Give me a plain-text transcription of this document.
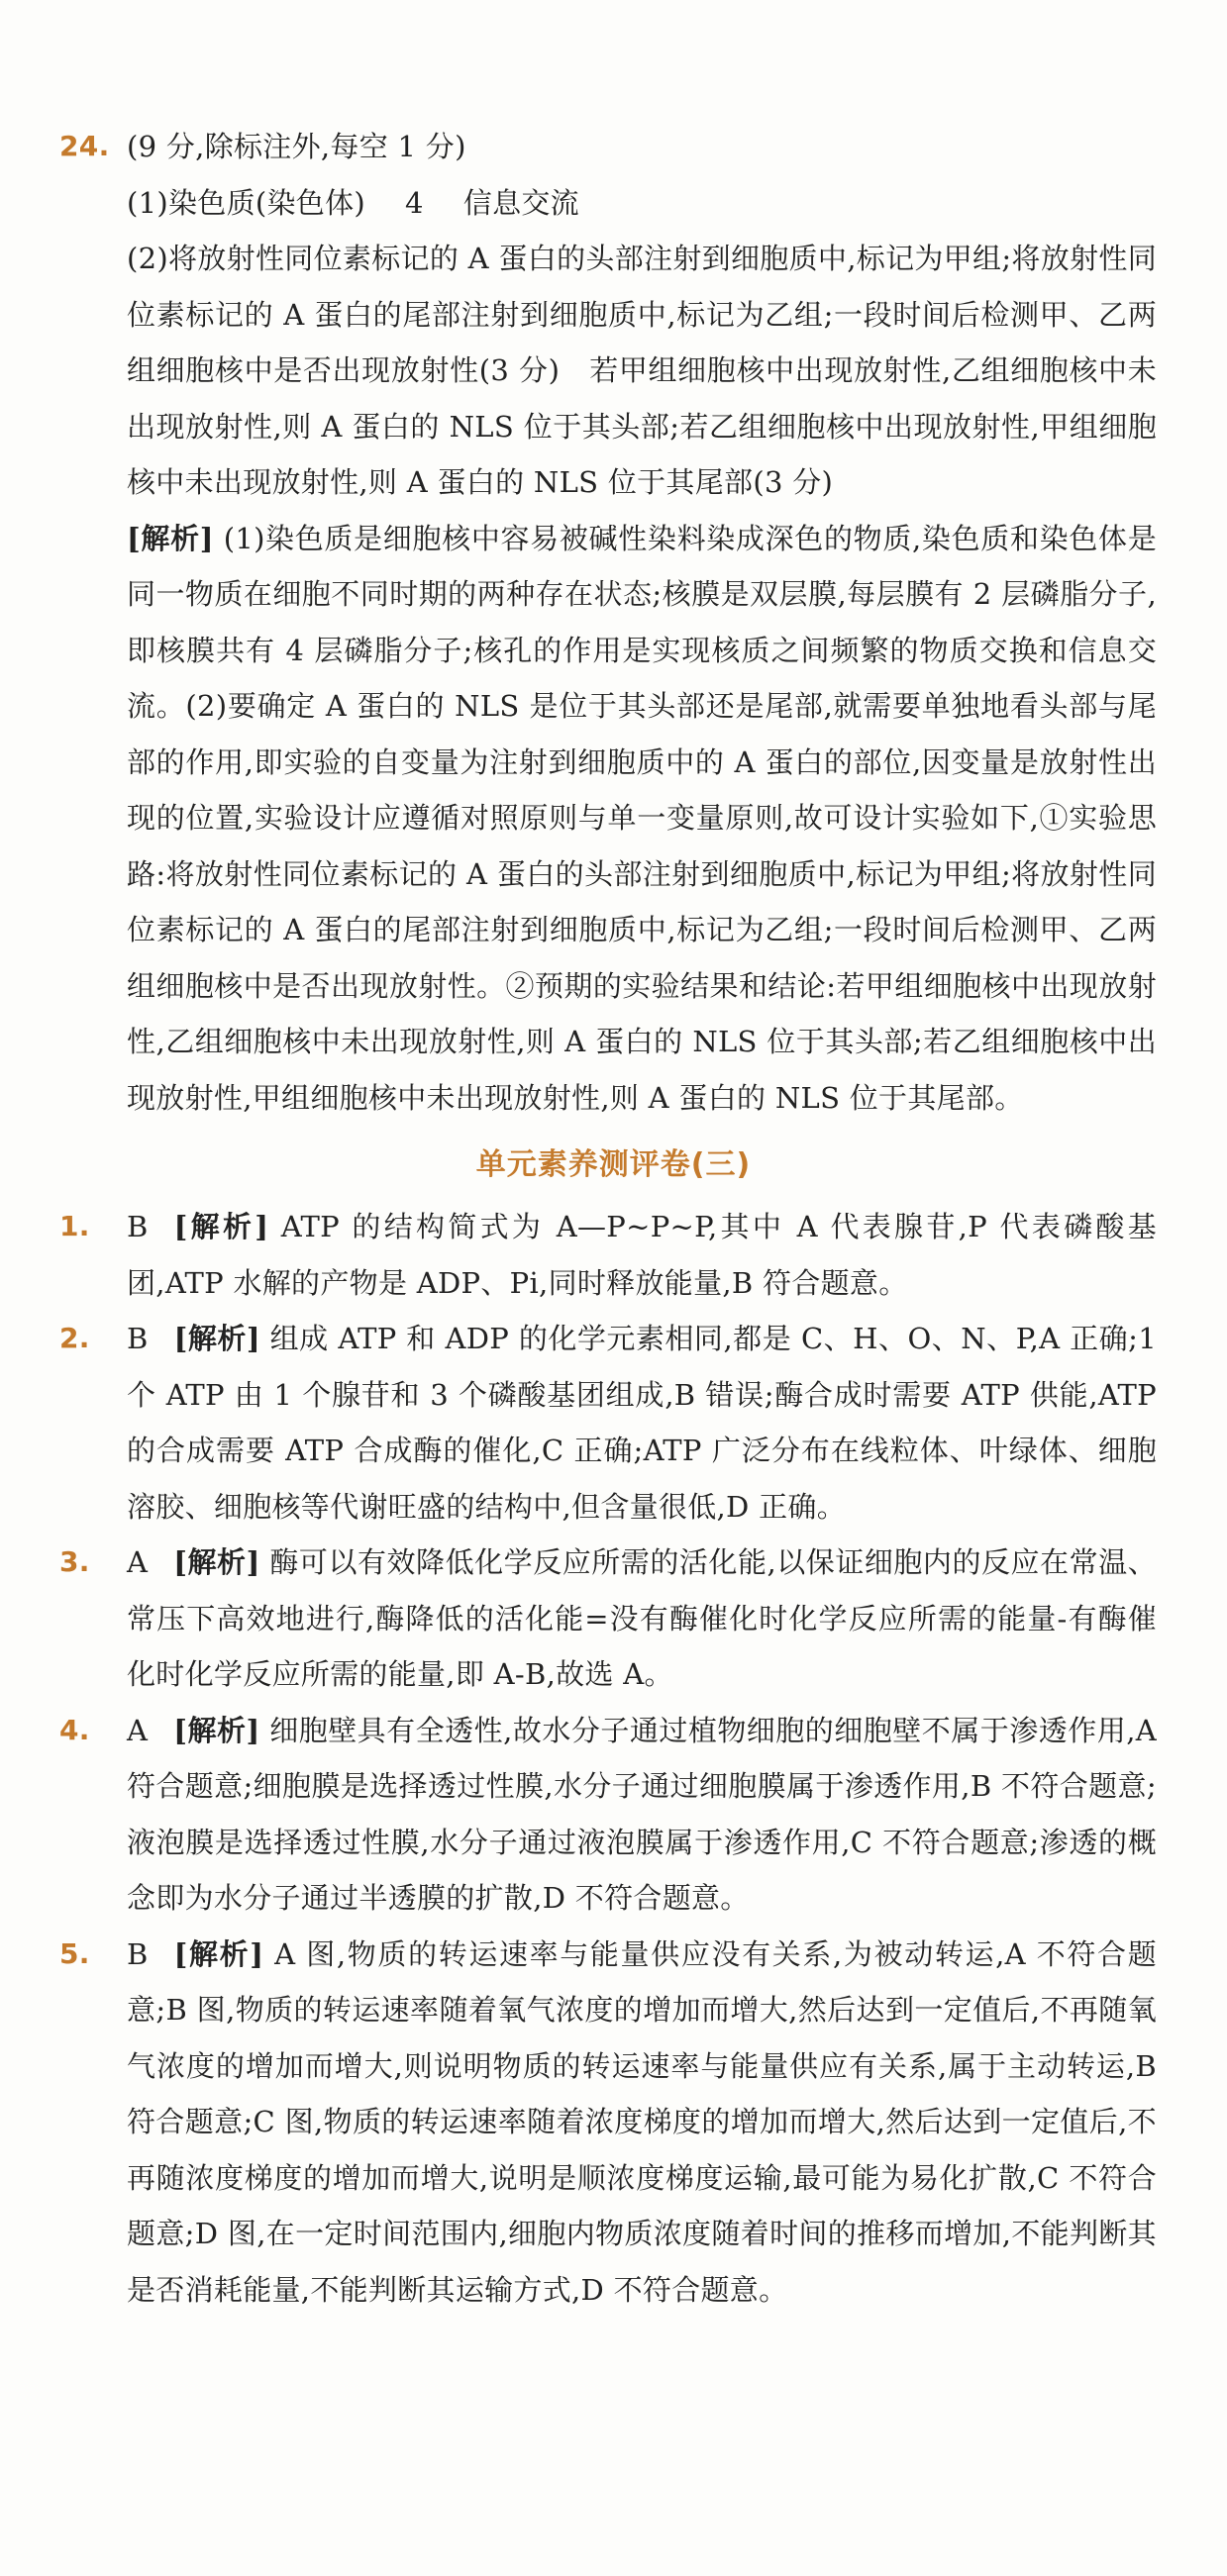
24. (9 分,除标注外,每空 1 分)
(1)染色质(染色体) 4 信息交流
(2)将放射性同位素标记的 A 蛋白的头部注射到细胞质中,标记为甲组;将放射性同位素标记的 A 蛋白的尾部注射到细胞质中,标记为乙组;一段时间后检测甲、乙两组细胞核中是否出现放射性(3 分)　若甲组细胞核中出现放射性,乙组细胞核中未出现放射性,则 A 蛋白的 NLS 位于其头部;若乙组细胞核中出现放射性,甲组细胞核中未出现放射性,则 A 蛋白的 NLS 位于其尾部(3 分)
[解析] (1)染色质是细胞核中容易被碱性染料染成深色的物质,染色质和染色体是同一物质在细胞不同时期的两种存在状态;核膜是双层膜,每层膜有 2 层磷脂分子,即核膜共有 4 层磷脂分子;核孔的作用是实现核质之间频繁的物质交换和信息交流。(2)要确定 A 蛋白的 NLS 是位于其头部还是尾部,就需要单独地看头部与尾部的作用,即实验的自变量为注射到细胞质中的 A 蛋白的部位,因变量是放射性出现的位置,实验设计应遵循对照原则与单一变量原则,故可设计实验如下,①实验思路:将放射性同位素标记的 A 蛋白的头部注射到细胞质中,标记为甲组;将放射性同位素标记的 A 蛋白的尾部注射到细胞质中,标记为乙组;一段时间后检测甲、乙两组细胞核中是否出现放射性。②预期的实验结果和结论:若甲组细胞核中出现放射性,乙组细胞核中未出现放射性,则 A 蛋白的 NLS 位于其头部;若乙组细胞核中出现放射性,甲组细胞核中未出现放射性,则 A 蛋白的 NLS 位于其尾部。
单元素养测评卷(三)
1. B [解析] ATP 的结构简式为 A—P~P~P,其中 A 代表腺苷,P 代表磷酸基团,ATP 水解的产物是 ADP、Pi,同时释放能量,B 符合题意。
2. B [解析] 组成 ATP 和 ADP 的化学元素相同,都是 C、H、O、N、P,A 正确;1 个 ATP 由 1 个腺苷和 3 个磷酸基团组成,B 错误;酶合成时需要 ATP 供能,ATP 的合成需要 ATP 合成酶的催化,C 正确;ATP 广泛分布在线粒体、叶绿体、细胞溶胶、细胞核等代谢旺盛的结构中,但含量很低,D 正确。
3. A [解析] 酶可以有效降低化学反应所需的活化能,以保证细胞内的反应在常温、常压下高效地进行,酶降低的活化能=没有酶催化时化学反应所需的能量-有酶催化时化学反应所需的能量,即 A-B,故选 A。
4. A [解析] 细胞壁具有全透性,故水分子通过植物细胞的细胞壁不属于渗透作用,A 符合题意;细胞膜是选择透过性膜,水分子通过细胞膜属于渗透作用,B 不符合题意;液泡膜是选择透过性膜,水分子通过液泡膜属于渗透作用,C 不符合题意;渗透的概念即为水分子通过半透膜的扩散,D 不符合题意。
5. B [解析] A 图,物质的转运速率与能量供应没有关系,为被动转运,A 不符合题意;B 图,物质的转运速率随着氧气浓度的增加而增大,然后达到一定值后,不再随氧气浓度的增加而增大,则说明物质的转运速率与能量供应有关系,属于主动转运,B 符合题意;C 图,物质的转运速率随着浓度梯度的增加而增大,然后达到一定值后,不再随浓度梯度的增加而增大,说明是顺浓度梯度运输,最可能为易化扩散,C 不符合题意;D 图,在一定时间范围内,细胞内物质浓度随着时间的推移而增加,不能判断其是否消耗能量,不能判断其运输方式,D 不符合题意。
